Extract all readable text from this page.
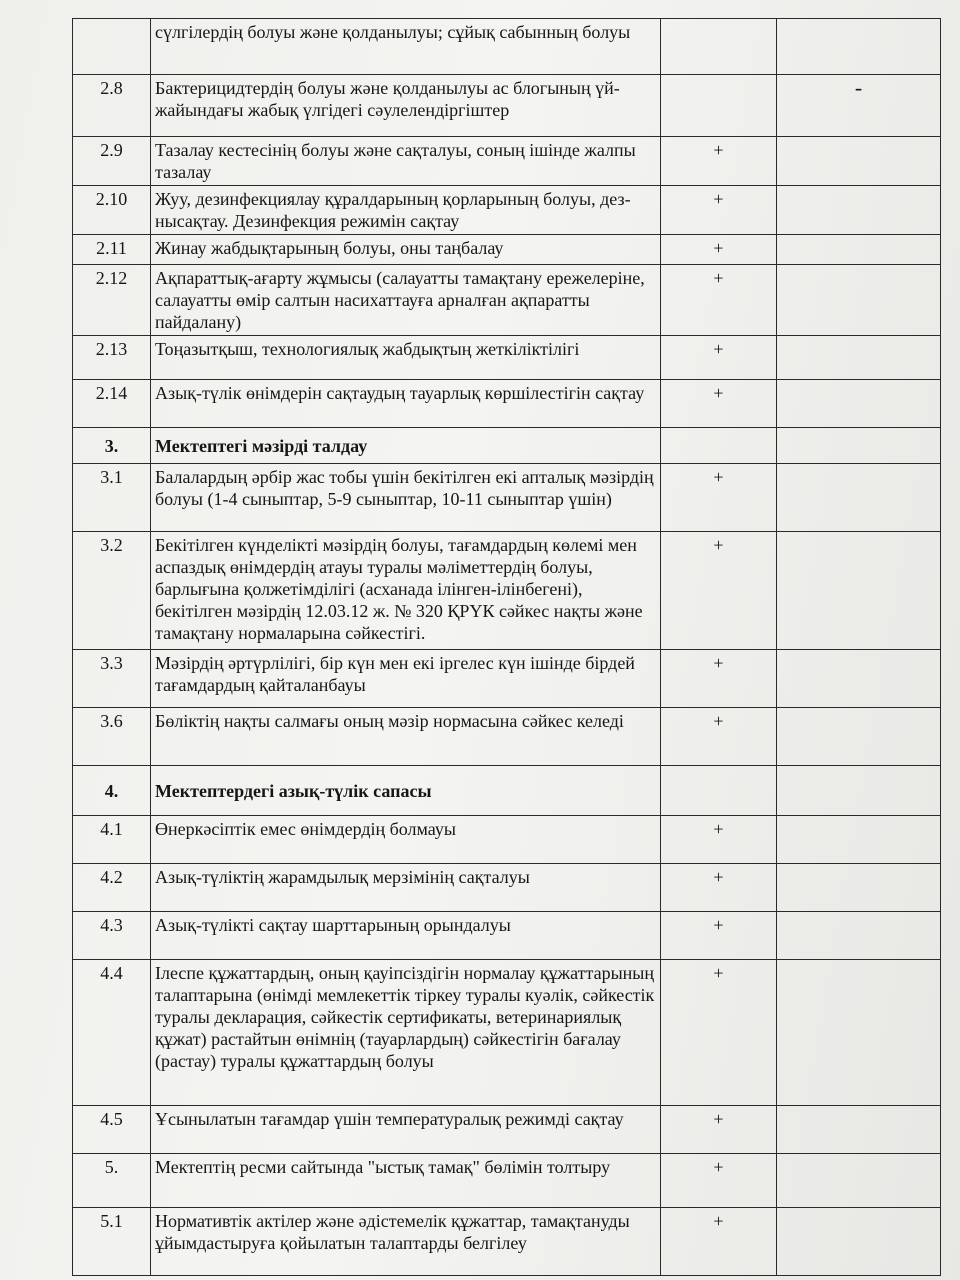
	сүлгілердің болуы және қолданылуы; сұйық сабынның болуы		
2.8	Бактерицидтердің болуы және қолданылуы ас блогының үй-жайындағы жабық үлгідегі сәулелендіргіштер		-
2.9	Тазалау кестесінің болуы және сақталуы, соның ішінде жалпы тазалау	+	
2.10	Жуу, дезинфекциялау құралдарының қорларының болуы, дез-нысақтау. Дезинфекция режимін сақтау	+	
2.11	Жинау жабдықтарының болуы, оны таңбалау	+	
2.12	Ақпараттық-ағарту жұмысы (салауатты тамақтану ережелеріне, салауатты өмір салтын насихаттауға арналған ақпаратты пайдалану)	+	
2.13	Тоңазытқыш, технологиялық жабдықтың жеткіліктілігі	+	
2.14	Азық-түлік өнімдерін сақтаудың тауарлық көршілестігін сақтау	+	
3.	Мектептегі мәзірді талдау		
3.1	Балалардың әрбір жас тобы үшін бекітілген екі апталық мәзірдің болуы (1-4 сыныптар, 5-9 сыныптар, 10-11 сыныптар үшін)	+	
3.2	Бекітілген күнделікті мәзірдің болуы, тағамдардың көлемі мен аспаздық өнімдердің атауы туралы мәліметтердің болуы, барлығына қолжетімділігі (асханада ілінген-ілінбегені), бекітілген мәзірдің 12.03.12 ж. № 320 ҚРҮК сәйкес нақты және тамақтану нормаларына сәйкестігі.	+	
3.3	Мәзірдің әртүрлілігі, бір күн мен екі іргелес күн ішінде бірдей тағамдардың қайталанбауы	+	
3.6	Бөліктің нақты салмағы оның мәзір нормасына сәйкес келеді	+	
4.	Мектептердегі азық-түлік сапасы		
4.1	Өнеркәсіптік емес өнімдердің болмауы	+	
4.2	Азық-түліктің жарамдылық мерзімінің сақталуы	+	
4.3	Азық-түлікті сақтау шарттарының орындалуы	+	
4.4	Ілеспе құжаттардың, оның қауіпсіздігін нормалау құжаттарының талаптарына (өнімді мемлекеттік тіркеу туралы куәлік, сәйкестік туралы декларация, сәйкестік сертификаты, ветеринариялық құжат) растайтын өнімнің (тауарлардың) сәйкестігін бағалау (растау) туралы құжаттардың болуы	+	
4.5	Ұсынылатын тағамдар үшін температуралық режимді сақтау	+	
5.	Мектептің ресми сайтында "ыстық тамақ" бөлімін толтыру	+	
5.1	Нормативтік актілер және әдістемелік құжаттар, тамақтануды ұйымдастыруға қойылатын талаптарды белгілеу	+	
